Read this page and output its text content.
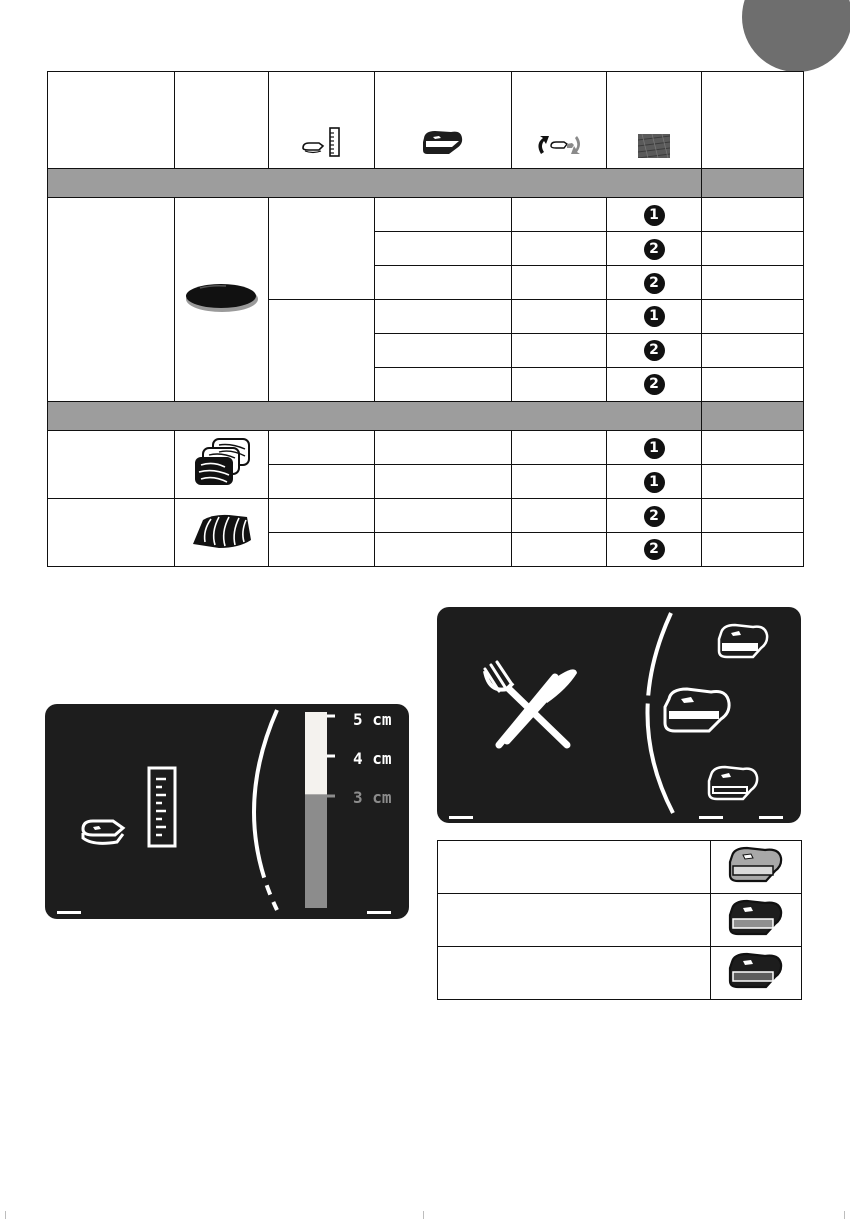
					1	
					2	
					2	
					1	
					2	
					2	

					1	
					1	
					2	
					2	
5 cm
4 cm
3 cm
